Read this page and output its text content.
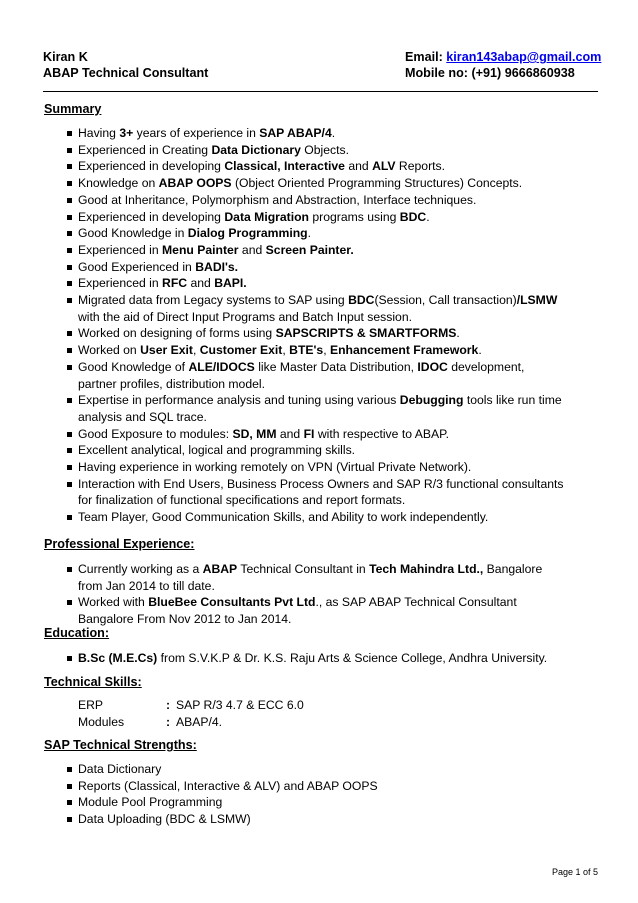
Kiran K
ABAP Technical Consultant
Email: kiran143abap@gmail.com
Mobile no: (+91) 9666860938
Summary
Having 3+ years of experience in SAP ABAP/4.
Experienced in Creating Data Dictionary Objects.
Experienced in developing Classical, Interactive and ALV Reports.
Knowledge on ABAP OOPS (Object Oriented Programming Structures) Concepts.
Good at Inheritance, Polymorphism and Abstraction, Interface techniques.
Experienced in developing Data Migration programs using BDC.
Good Knowledge in Dialog Programming.
Experienced in Menu Painter and Screen Painter.
Good Experienced in BADI's.
Experienced in RFC and BAPI.
Migrated data from Legacy systems to SAP using BDC(Session, Call transaction)/LSMW with the aid of Direct Input Programs and Batch Input session.
Worked on designing of forms using SAPSCRIPTS & SMARTFORMS.
Worked on User Exit, Customer Exit, BTE's, Enhancement Framework.
Good Knowledge of ALE/IDOCS like Master Data Distribution, IDOC development, partner profiles, distribution model.
Expertise in performance analysis and tuning using various Debugging tools like run time analysis and SQL trace.
Good Exposure to modules: SD, MM and FI with respective to ABAP.
Excellent analytical, logical and programming skills.
Having experience in working remotely on VPN (Virtual Private Network).
Interaction with End Users, Business Process Owners and SAP R/3 functional consultants for finalization of functional specifications and report formats.
Team Player, Good Communication Skills, and Ability to work independently.
Professional Experience:
Currently working as a ABAP Technical Consultant in Tech Mahindra Ltd., Bangalore from Jan 2014 to till date.
Worked with BlueBee Consultants Pvt Ltd., as SAP ABAP Technical Consultant Bangalore From Nov 2012 to Jan 2014.
Education:
B.Sc (M.E.Cs) from S.V.K.P & Dr. K.S. Raju Arts & Science College, Andhra University.
Technical Skills:
ERP	: SAP R/3 4.7 & ECC 6.0
Modules	: ABAP/4.
SAP Technical Strengths:
Data Dictionary
Reports (Classical, Interactive & ALV) and ABAP OOPS
Module Pool Programming
Data Uploading (BDC & LSMW)
Page 1 of 5
